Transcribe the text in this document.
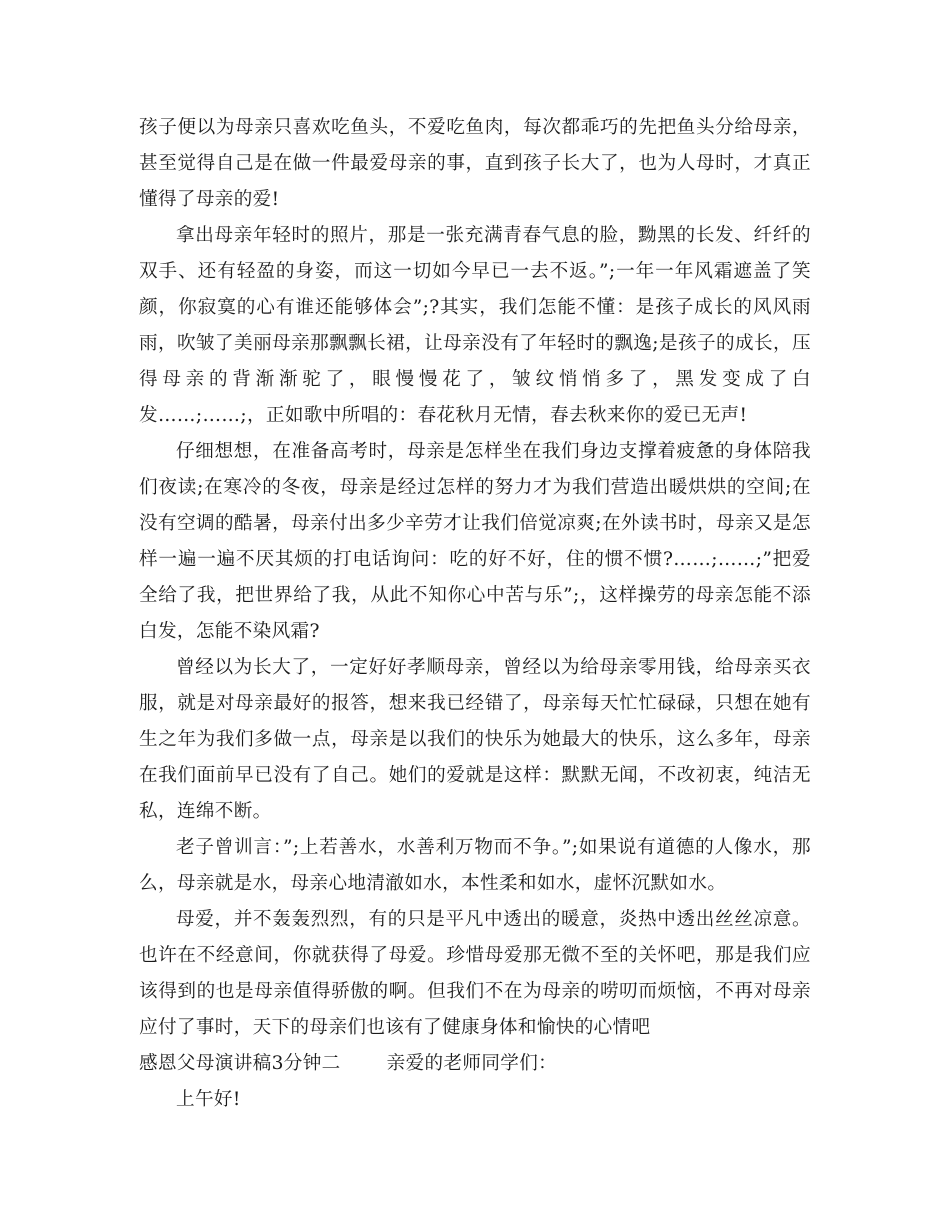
孩子便以为母亲只喜欢吃鱼头，不爱吃鱼肉，每次都乖巧的先把鱼头分给母亲，甚至觉得自己是在做一件最爱母亲的事，直到孩子长大了，也为人母时，才真正懂得了母亲的爱!

拿出母亲年轻时的照片，那是一张充满青春气息的脸，黝黑的长发、纤纤的双手、还有轻盈的身姿，而这一切如今早已一去不返。”;一年一年风霜遮盖了笑颜，你寂寞的心有谁还能够体会”;?其实，我们怎能不懂：是孩子成长的风风雨雨，吹皱了美丽母亲那飘飘长裙，让母亲没有了年轻时的飘逸;是孩子的成长，压得母亲的背渐渐驼了，眼慢慢花了，皱纹悄悄多了，黑发变成了白发……;……;，正如歌中所唱的：春花秋月无情，春去秋来你的爱已无声!

仔细想想，在准备高考时，母亲是怎样坐在我们身边支撑着疲惫的身体陪我们夜读;在寒冷的冬夜，母亲是经过怎样的努力才为我们营造出暖烘烘的空间;在没有空调的酷暑，母亲付出多少辛劳才让我们倍觉凉爽;在外读书时，母亲又是怎样一遍一遍不厌其烦的打电话询问：吃的好不好，住的惯不惯?……;……;”把爱全给了我，把世界给了我，从此不知你心中苦与乐”;，这样操劳的母亲怎能不添白发，怎能不染风霜?

曾经以为长大了，一定好好孝顺母亲，曾经以为给母亲零用钱，给母亲买衣服，就是对母亲最好的报答，想来我已经错了，母亲每天忙忙碌碌，只想在她有生之年为我们多做一点，母亲是以我们的快乐为她最大的快乐，这么多年，母亲在我们面前早已没有了自己。她们的爱就是这样：默默无闻，不改初衷，纯洁无私，连绵不断。

老子曾训言：”;上若善水，水善利万物而不争。”;如果说有道德的人像水，那么，母亲就是水，母亲心地清澈如水，本性柔和如水，虚怀沉默如水。

母爱，并不轰轰烈烈，有的只是平凡中透出的暖意，炎热中透出丝丝凉意。也许在不经意间，你就获得了母爱。珍惜母爱那无微不至的关怀吧，那是我们应该得到的也是母亲值得骄傲的啊。但我们不在为母亲的唠叨而烦恼，不再对母亲应付了事时，天下的母亲们也该有了健康身体和愉快的心情吧

感恩父母演讲稿3分钟二 亲爱的老师同学们：

上午好!
